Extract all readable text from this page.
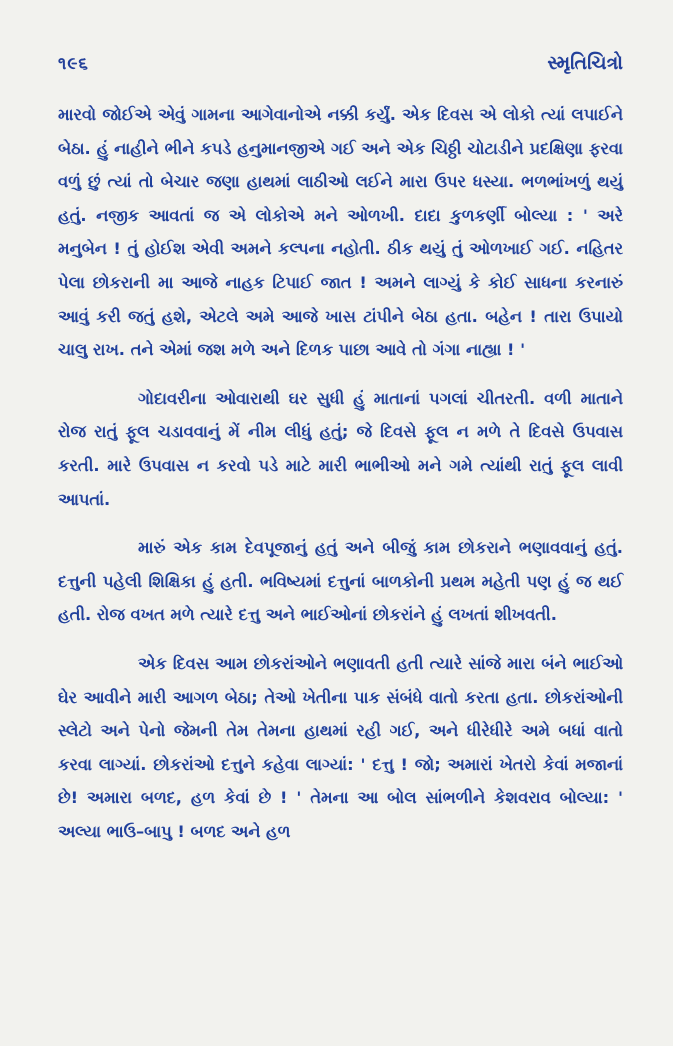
૧૯૬	સ્મૃતિચિત્રો

મારવો જોઈએ એવું ગામના આગેવાનોએ નક્કી કર્યું. એક દિવસ એ લોકો ત્યાં લપાઈને બેઠા. હું નાહીને ભીને કપડે હનુમાનજીએ ગઈ અને એક ચિઠ્ઠી ચોટાડીને પ્રદક્ષિણા ફરવા વળું છું ત્યાં તો બેચાર જણા હાથમાં લાઠીઓ લઈને મારા ઉપર ધસ્યા. ભળભાંખળું થયું હતું. નજીક આવતાં જ એ લોકોએ મને ઓળખી. દાદા કુળકર્ણી બોલ્યા : ' અરે મનુબેન ! તું હોઈશ એવી અમને કલ્પના નહોતી. ઠીક થયું તું ઓળખાઈ ગઈ. નહિતર પેલા છોકરાની મા આજે નાહક ટિપાઈ જાત ! અમને લાગ્યું કે કોઈ સાધના કરનારું આવું કરી જતું હશે, એટલે અમે આજે ખાસ ટાંપીને બેઠા હતા. બહેન ! તારા ઉપાયો ચાલુ રાખ. તને એમાં જશ મળે અને દિળક પાછા આવે તો ગંગા નાહ્યા ! '

ગોદાવરીના ઓવારાથી ઘર સુધી હું માતાનાં પગલાં ચીતરતી. વળી માતાને રોજ રાતું ફૂલ ચડાવવાનું મેં નીમ લીધું હતું; જે દિવસે ફૂલ ન મળે તે દિવસે ઉપવાસ કરતી. મારે ઉપવાસ ન કરવો પડે માટે મારી ભાભીઓ મને ગમે ત્યાંથી રાતું ફૂલ લાવી આપતાં.

મારું એક કામ દેવપૂજાનું હતું અને બીજું કામ છોકરાને ભણાવવાનું હતું. દત્તુની પહેલી શિક્ષિકા હું હતી. ભવિષ્યમાં દત્તુનાં બાળકોની પ્રથમ મહેતી પણ હું જ થઈ હતી. રોજ વખત મળે ત્યારે દત્તુ અને ભાઈઓનાં છોકરાંને હું લખતાં શીખવતી.

એક દિવસ આમ છોકરાંઓને ભણાવતી હતી ત્યારે સાંજે મારા બંને ભાઈઓ ઘેર આવીને મારી આગળ બેઠા; તેઓ ખેતીના પાક સંબંધે વાતો કરતા હતા. છોકરાંઓની સ્લેટો અને પેનો જેમની તેમ તેમના હાથમાં રહી ગઈ, અને ધીરેધીરે અમે બધાં વાતો કરવા લાગ્યાં. છોકરાંઓ દત્તુને કહેવા લાગ્યાં: ' દત્તુ ! જો; અમારાં ખેતરો કેવાં મજાનાં છે! અમારા બળદ, હળ કેવાં છે ! ' તેમના આ બોલ સાંભળીને કેશવરાવ બોલ્યા: ' અલ્યા ભાઉ–બાપુ ! બળદ અને હળ
